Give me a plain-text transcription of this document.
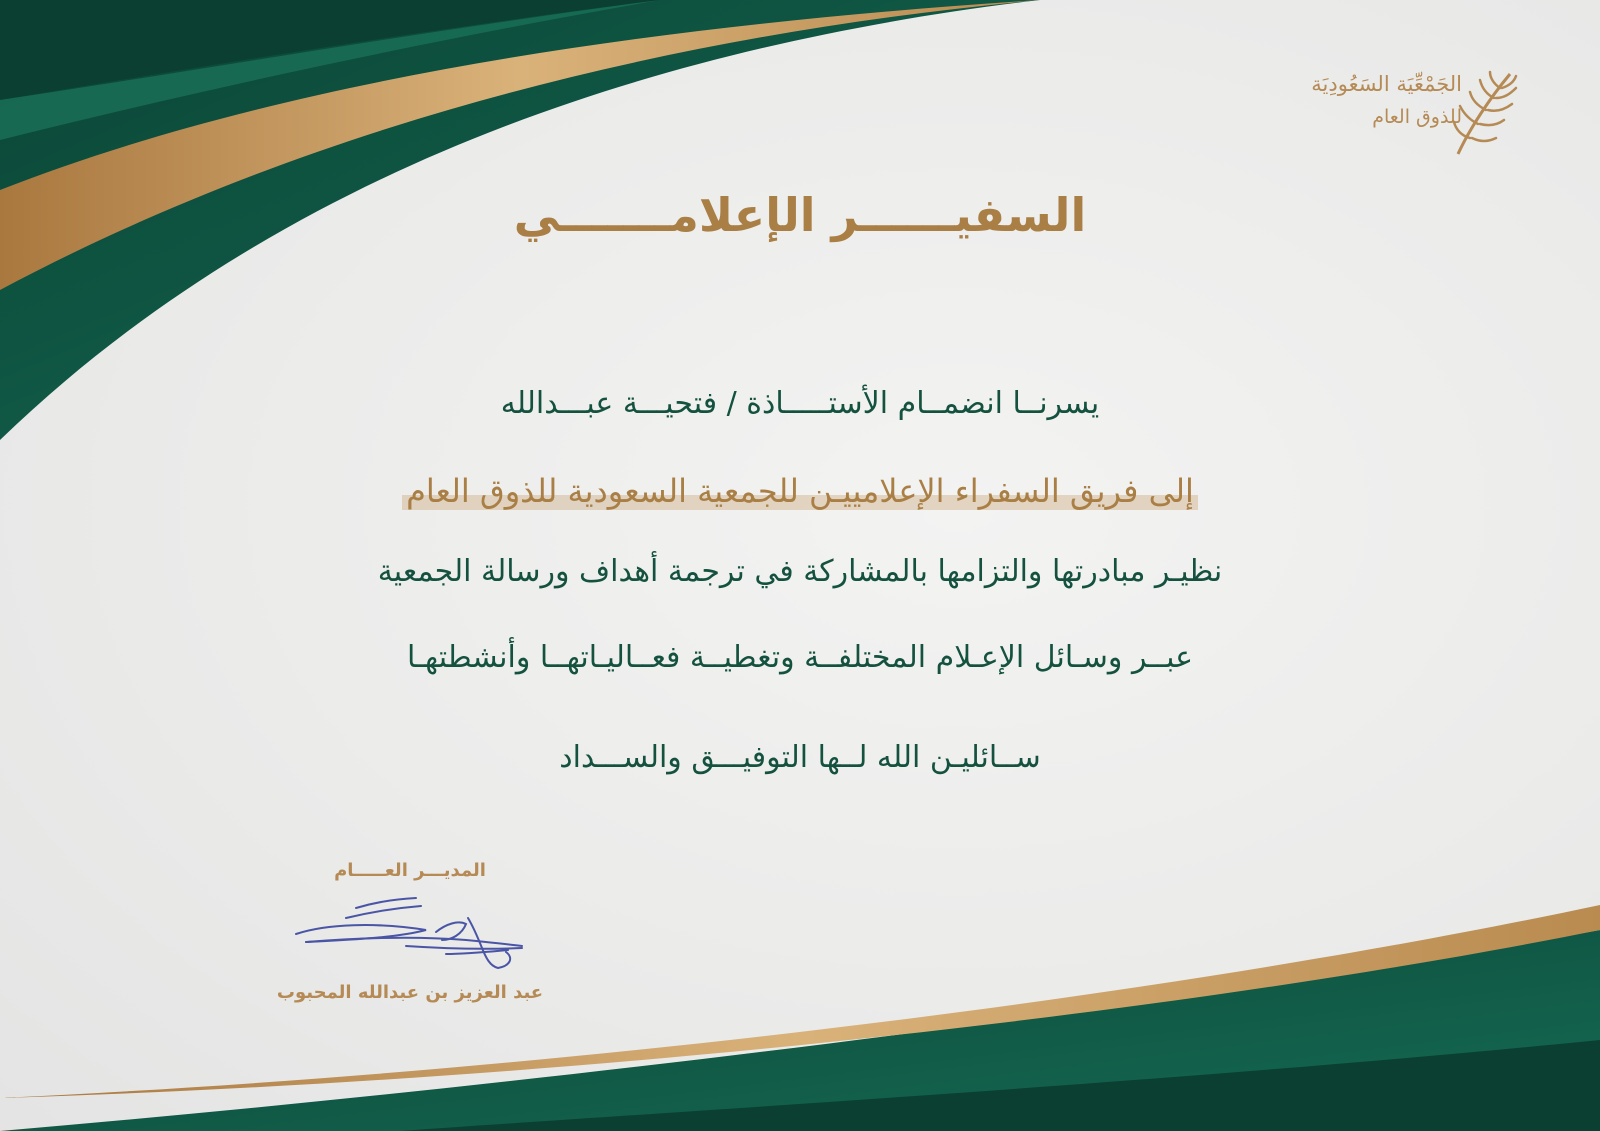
الجَمْعِّيَة السَعُودِيَة
للذوق العام
السفيــــــر الإعلامـــــــي
يسرنــا انضمــام الأستـــــاذة / فتحيـــة عبـــدالله
إلى فريق السفراء الإعلامييـن للجمعية السعودية للذوق العام
نظيـر مبادرتها والتزامها بالمشاركة في ترجمة أهداف ورسالة الجمعية
عبــر وسـائل الإعـلام المختلفــة وتغطيــة فعــاليـاتهــا وأنشطتهـا
ســائليـن الله لــها التوفيـــق والســـداد
المديـــر العـــــام
عبد العزيز بن عبدالله المحبوب
